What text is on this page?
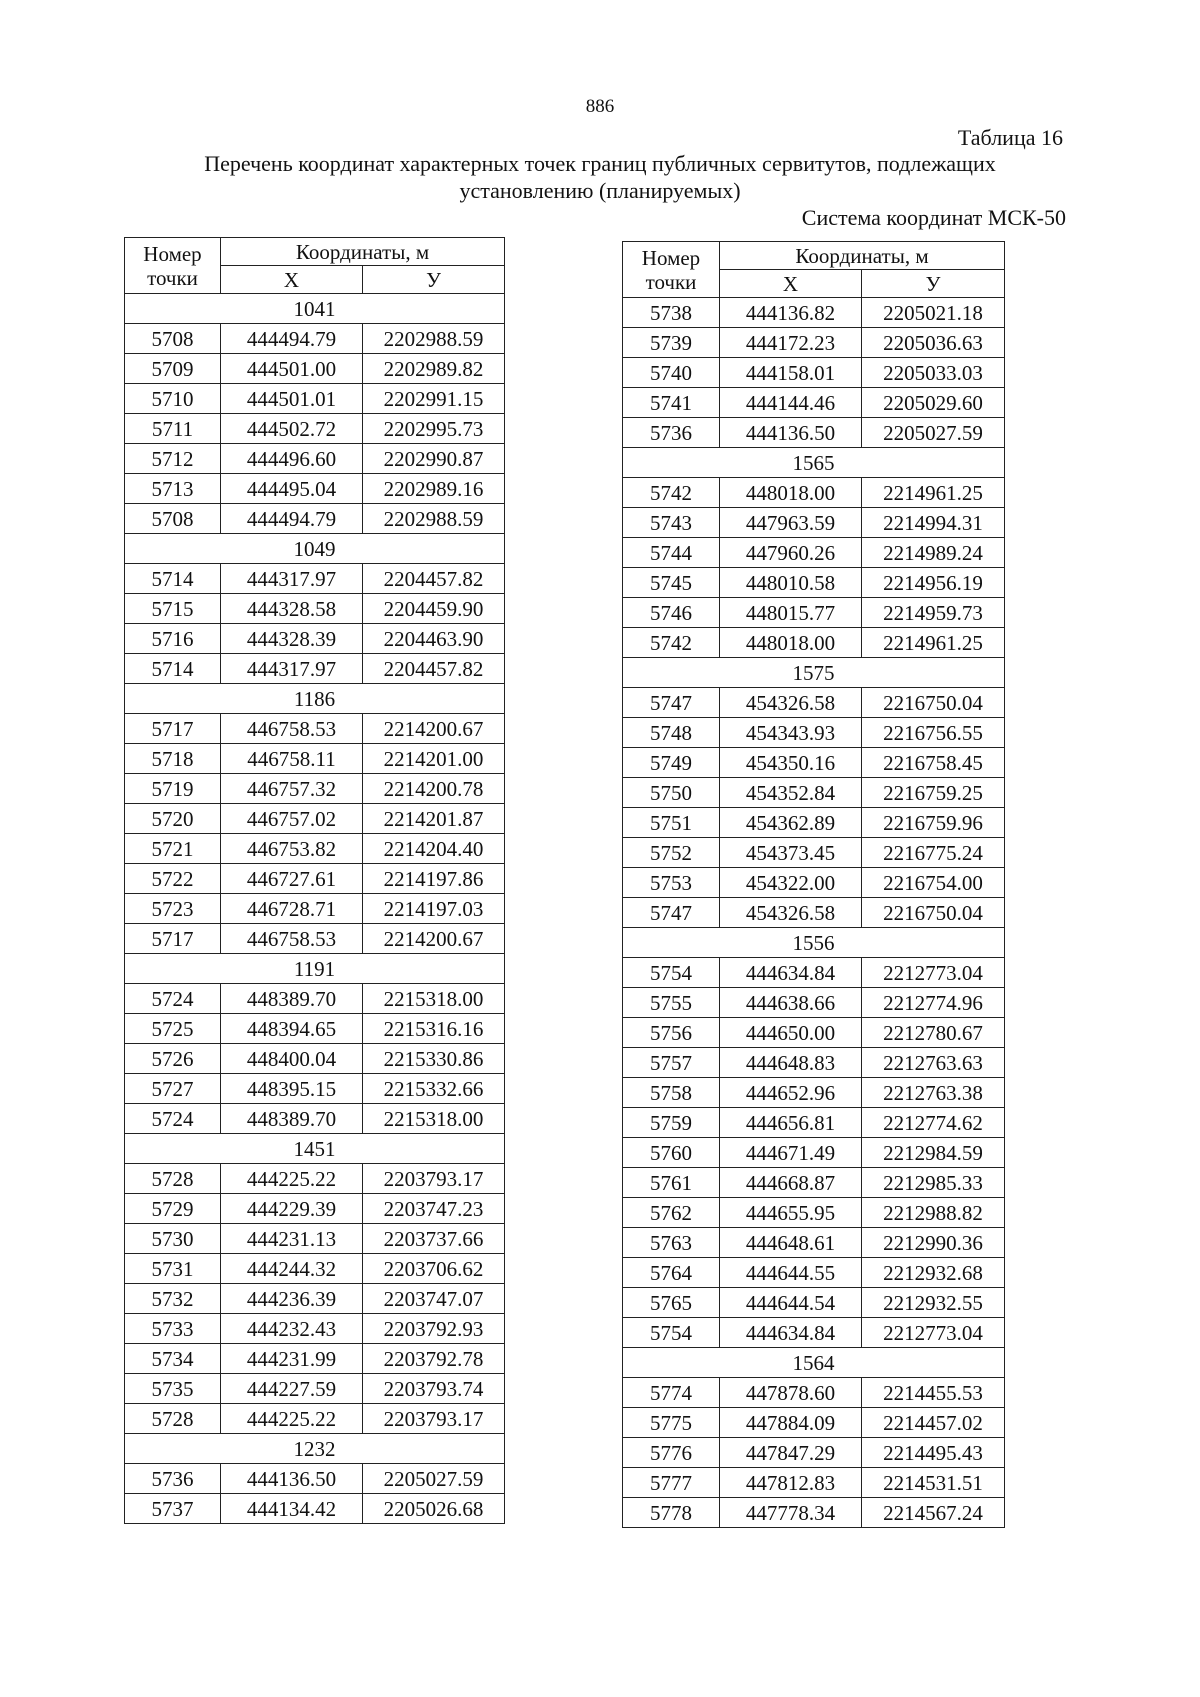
886
Таблица 16
Перечень координат характерных точек границ публичных сервитутов, подлежащих
установлению (планируемых)
Система координат МСК-50
Номер
точки	Координаты, м	
	X	У
1041		
5708	444494.79	2202988.59
5709	444501.00	2202989.82
5710	444501.01	2202991.15
5711	444502.72	2202995.73
5712	444496.60	2202990.87
5713	444495.04	2202989.16
5708	444494.79	2202988.59
1049		
5714	444317.97	2204457.82
5715	444328.58	2204459.90
5716	444328.39	2204463.90
5714	444317.97	2204457.82
1186		
5717	446758.53	2214200.67
5718	446758.11	2214201.00
5719	446757.32	2214200.78
5720	446757.02	2214201.87
5721	446753.82	2214204.40
5722	446727.61	2214197.86
5723	446728.71	2214197.03
5717	446758.53	2214200.67
1191		
5724	448389.70	2215318.00
5725	448394.65	2215316.16
5726	448400.04	2215330.86
5727	448395.15	2215332.66
5724	448389.70	2215318.00
1451		
5728	444225.22	2203793.17
5729	444229.39	2203747.23
5730	444231.13	2203737.66
5731	444244.32	2203706.62
5732	444236.39	2203747.07
5733	444232.43	2203792.93
5734	444231.99	2203792.78
5735	444227.59	2203793.74
5728	444225.22	2203793.17
1232		
5736	444136.50	2205027.59
5737	444134.42	2205026.68
Номер
точки	Координаты, м	
	X	У
5738	444136.82	2205021.18
5739	444172.23	2205036.63
5740	444158.01	2205033.03
5741	444144.46	2205029.60
5736	444136.50	2205027.59
1565		
5742	448018.00	2214961.25
5743	447963.59	2214994.31
5744	447960.26	2214989.24
5745	448010.58	2214956.19
5746	448015.77	2214959.73
5742	448018.00	2214961.25
1575		
5747	454326.58	2216750.04
5748	454343.93	2216756.55
5749	454350.16	2216758.45
5750	454352.84	2216759.25
5751	454362.89	2216759.96
5752	454373.45	2216775.24
5753	454322.00	2216754.00
5747	454326.58	2216750.04
1556		
5754	444634.84	2212773.04
5755	444638.66	2212774.96
5756	444650.00	2212780.67
5757	444648.83	2212763.63
5758	444652.96	2212763.38
5759	444656.81	2212774.62
5760	444671.49	2212984.59
5761	444668.87	2212985.33
5762	444655.95	2212988.82
5763	444648.61	2212990.36
5764	444644.55	2212932.68
5765	444644.54	2212932.55
5754	444634.84	2212773.04
1564		
5774	447878.60	2214455.53
5775	447884.09	2214457.02
5776	447847.29	2214495.43
5777	447812.83	2214531.51
5778	447778.34	2214567.24
